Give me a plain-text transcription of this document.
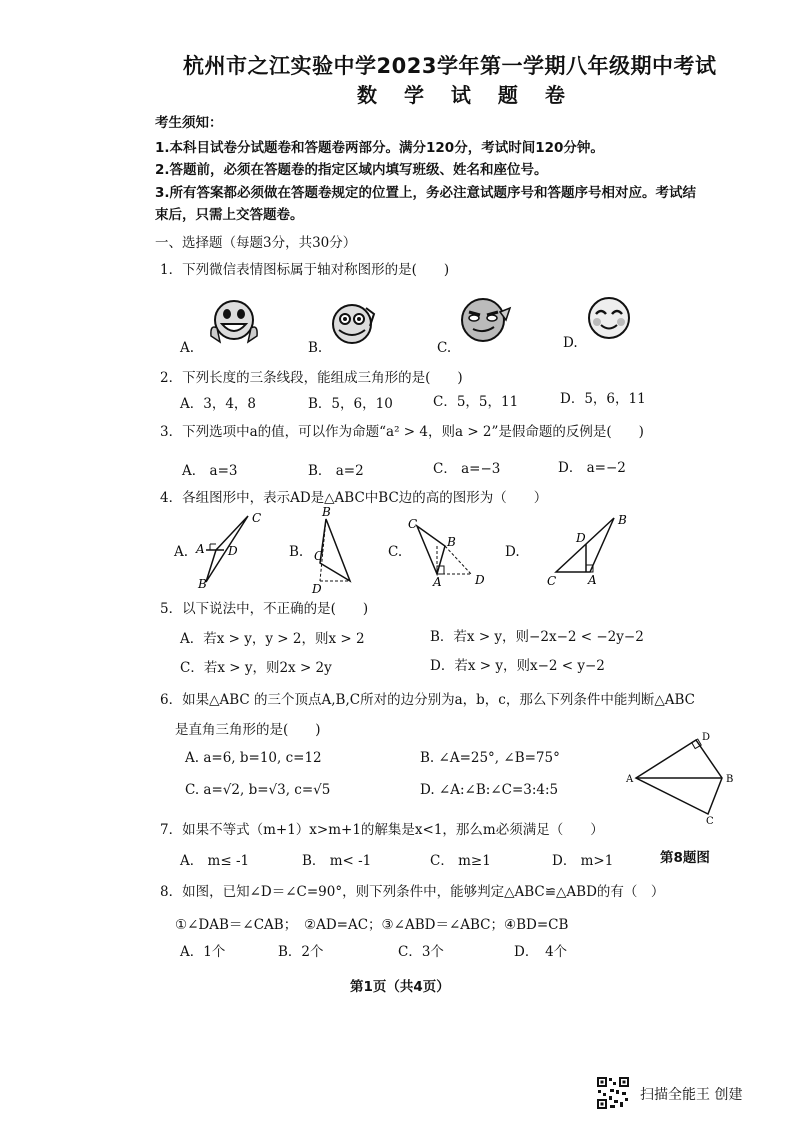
杭州市之江实验中学2023学年第一学期八年级期中考试
数 学 试 题 卷
考生须知：
1.本科目试卷分试题卷和答题卷两部分。满分120分，考试时间120分钟。
2.答题前，必须在答题卷的指定区域内填写班级、姓名和座位号。
3.所有答案都必须做在答题卷规定的位置上，务必注意试题序号和答题序号相对应。考试结
束后，只需上交答题卷。
一、选择题（每题3分，共30分）
1．下列微信表情图标属于轴对称图形的是(　　)
A.	B.	C.	D.
2．下列长度的三条线段，能组成三角形的是(　　)
A．3，4，8	B．5，6，10	C．5，5，11	D．5，6，11
3．下列选项中a的值，可以作为命题“a² > 4，则a > 2”是假命题的反例是(　　)
A． a=3	B． a=2	C． a=−3	D． a=−2
4．各组图形中，表示AD是△ABC中BC边的高的图形为（　　）
A.	B.	C.	D.
C
A D
B
B
C
D
C
B
A	D
B
D
C	A
5．以下说法中，不正确的是(　　)
A．若x > y，y > 2，则x > 2	B．若x > y，则−2x−2 < −2y−2
C．若x > y，则2x > 2y	D．若x > y，则x−2 < y−2
6．如果△ABC 的三个顶点A,B,C所对的边分别为a，b，c，那么下列条件中能判断△ABC
是直角三角形的是(　　)
A. a=6, b=10, c=12	B. ∠A=25°, ∠B=75°
C. a=√2, b=√3, c=√5	D. ∠A:∠B:∠C=3:4:5
D
A	B
C
第8题图
7．如果不等式（m+1）x>m+1的解集是x<1，那么m必须满足（　　）
A． m≤ -1	B． m< -1	C． m≥1	D． m>1
8．如图，已知∠D＝∠C=90°，则下列条件中，能够判定△ABC≌△ABD的有（　）
①∠DAB＝∠CAB；　②AD=AC；③∠ABD＝∠ABC；④BD=CB
A．1个	B．2个	C．3个	D．　4个
第1页（共4页）
扫描全能王 创建
